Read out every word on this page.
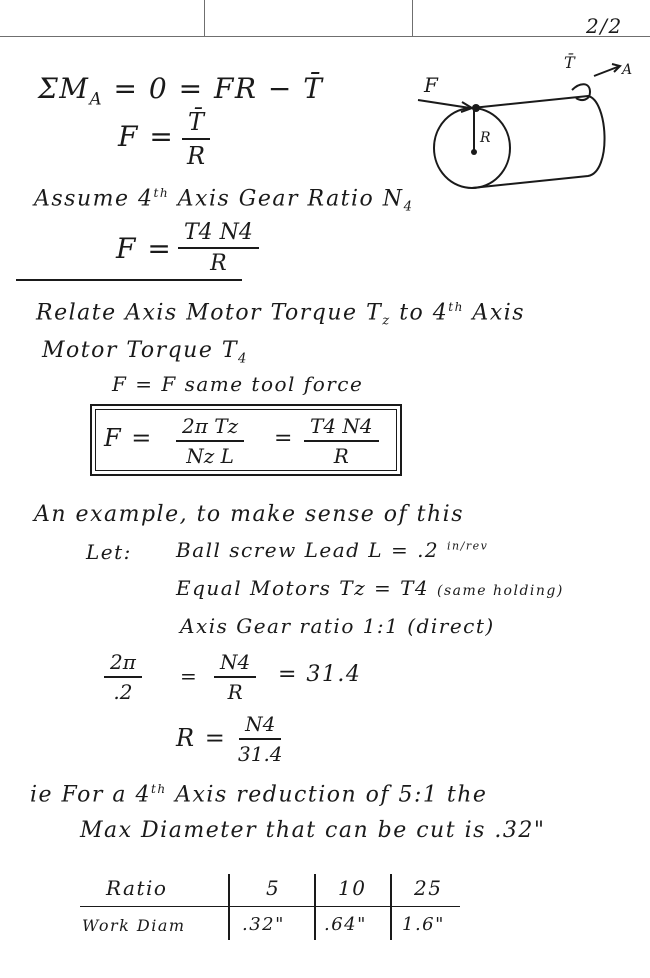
2/2
$\Sigma M_A = 0$ = FR − T̄
$F = \frac{T̄}{R}$
F
T̄	A
R
Assume 4th Axis Gear Ratio $N_4$
$F = \frac{T4 N4}{R}$
Relate Axis Motor Torque $T_z$ to 4th Axis
Motor Torque $T_4$
F = F same tool force
$F = \frac{\text{2π Tz}}{\text{Nz L}} = \frac{T4 N4}{R}$
An example, to make sense of this
Let: Ball screw Lead L = .2 $^{in/rev}$
Equal Motors Tz = T4 (same holding)
Axis Gear ratio 1:1 (direct)
$\frac{2\pi}{.2} = \frac{N4}{R} = 31.4$
$R = \frac{N4}{31.4}$
ie For a 4th Axis reduction of 5:1 the
Max Diameter that can be cut is .32"
Ratio	5	10 25
Work Diam	.32" .64" 1.6"
